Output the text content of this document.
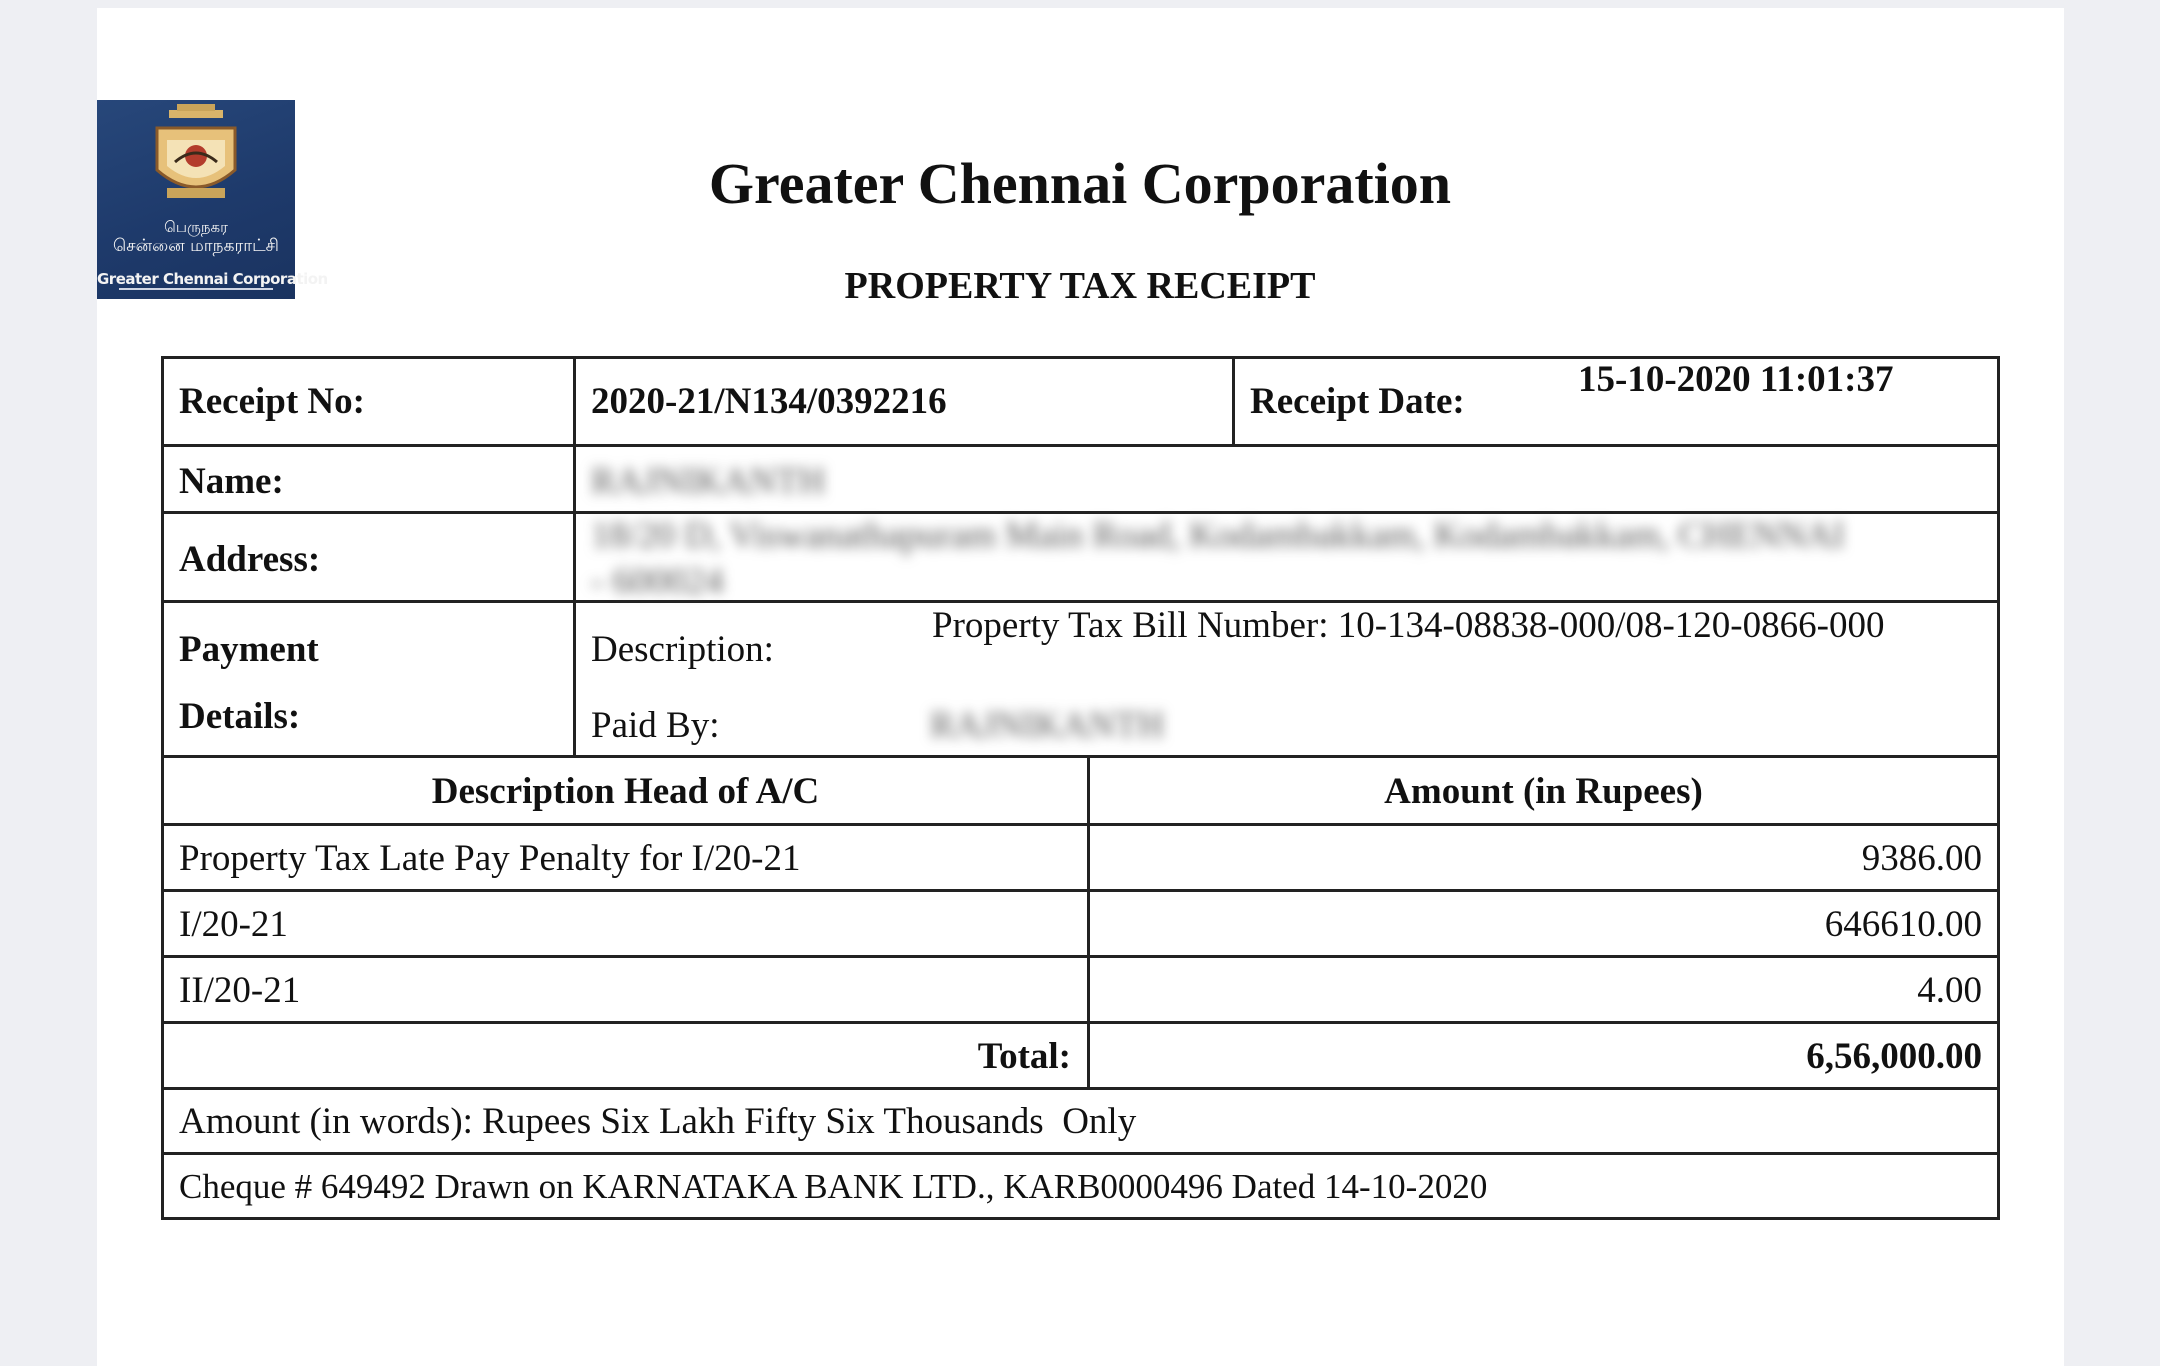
பெருநகர
சென்னை மாநகராட்சி
Greater Chennai Corporation
Greater Chennai Corporation
PROPERTY TAX RECEIPT
Receipt No:	2020-21/N134/0392216	Receipt Date:
15-10-2020 11:01:37
Name:	RAJNIKANTH
Address:
18/20 D, Viswanathapuram Main Road, Kodambakkam, Kodambakkam, CHENNAI
- 600024
Payment
Details:
Description:
Property Tax Bill Number: 10-134-08838-000/08-120-0866-000
Paid By:	RAJNIKANTH
Description Head of A/C	Amount (in Rupees)
Property Tax Late Pay Penalty for I/20-21	9386.00
I/20-21	646610.00
II/20-21	4.00
Total:	6,56,000.00
Amount (in words): Rupees Six Lakh Fifty Six Thousands  Only
Cheque # 649492 Drawn on KARNATAKA BANK LTD., KARB0000496 Dated 14-10-2020
